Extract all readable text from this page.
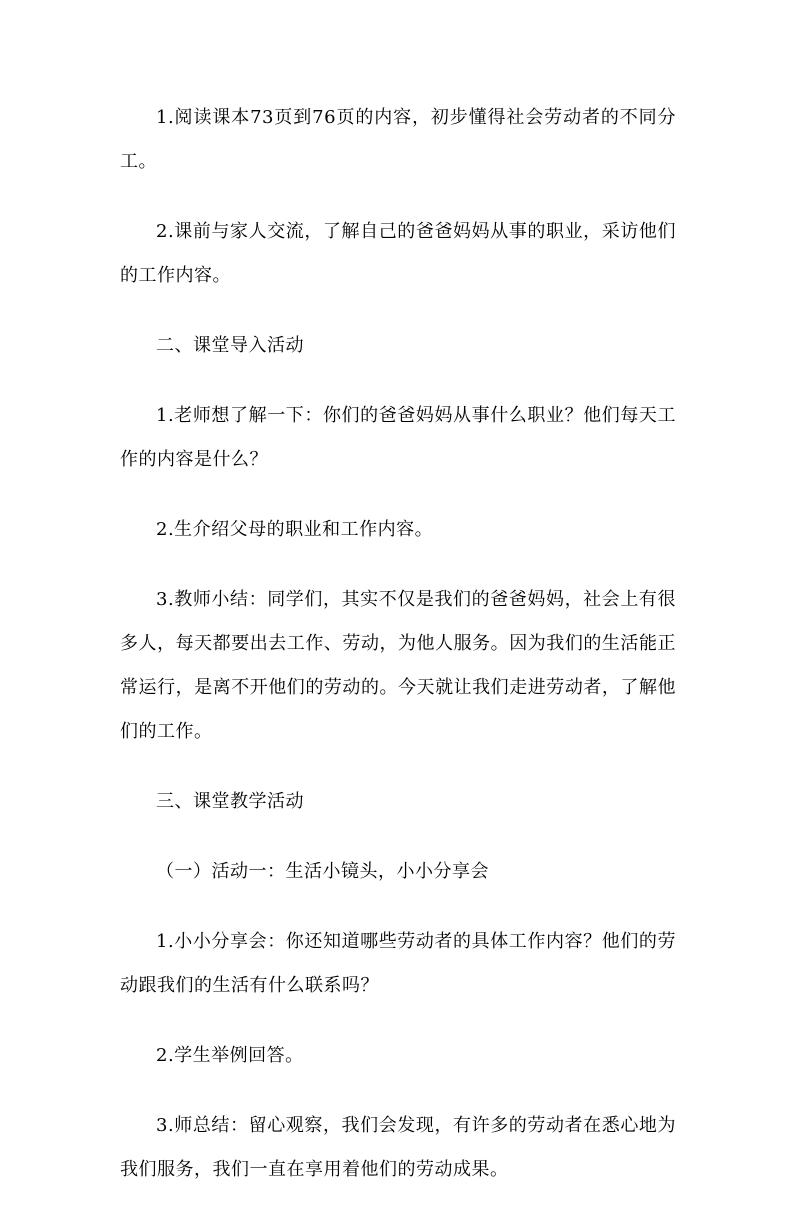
1.阅读课本73页到76页的内容，初步懂得社会劳动者的不同分工。

2.课前与家人交流，了解自己的爸爸妈妈从事的职业，采访他们的工作内容。

二、课堂导入活动

1.老师想了解一下：你们的爸爸妈妈从事什么职业？他们每天工作的内容是什么？

2.生介绍父母的职业和工作内容。

3.教师小结：同学们，其实不仅是我们的爸爸妈妈，社会上有很多人，每天都要出去工作、劳动，为他人服务。因为我们的生活能正常运行，是离不开他们的劳动的。今天就让我们走进劳动者，了解他们的工作。

三、课堂教学活动

（一）活动一：生活小镜头，小小分享会

1.小小分享会：你还知道哪些劳动者的具体工作内容？他们的劳动跟我们的生活有什么联系吗？

2.学生举例回答。

3.师总结：留心观察，我们会发现，有许多的劳动者在悉心地为我们服务，我们一直在享用着他们的劳动成果。
